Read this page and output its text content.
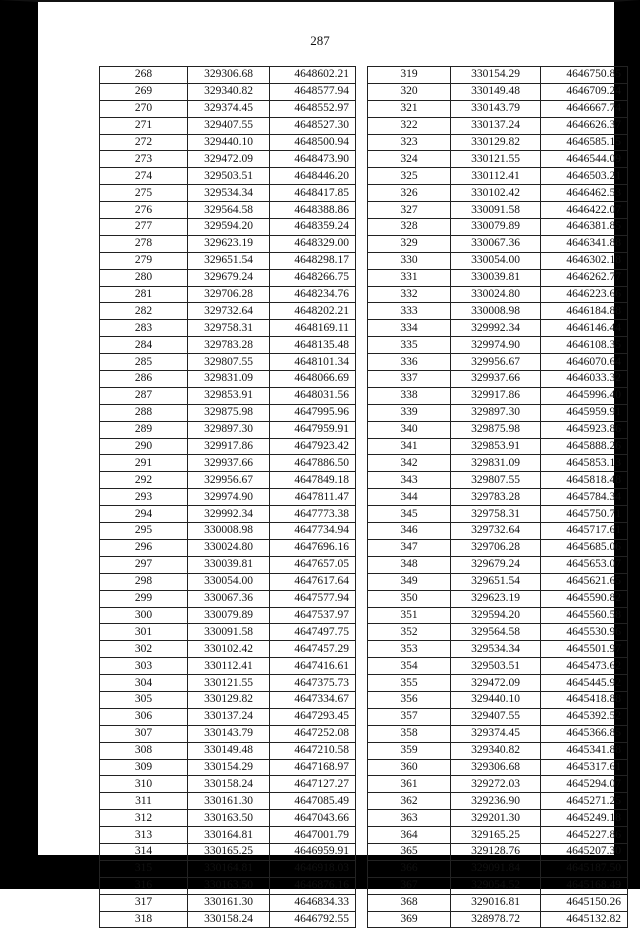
287
268	329306.68	4648602.21		319	330154.29	4646750.85
269	329340.82	4648577.94		320	330149.48	4646709.24
270	329374.45	4648552.97		321	330143.79	4646667.74
271	329407.55	4648527.30		322	330137.24	4646626.37
272	329440.10	4648500.94		323	330129.82	4646585.15
273	329472.09	4648473.90		324	330121.55	4646544.09
274	329503.51	4648446.20		325	330112.41	4646503.21
275	329534.34	4648417.85		326	330102.42	4646462.53
276	329564.58	4648388.86		327	330091.58	4646422.07
277	329594.20	4648359.24		328	330079.89	4646381.85
278	329623.19	4648329.00		329	330067.36	4646341.88
279	329651.54	4648298.17		330	330054.00	4646302.18
280	329679.24	4648266.75		331	330039.81	4646262.77
281	329706.28	4648234.76		332	330024.80	4646223.66
282	329732.64	4648202.21		333	330008.98	4646184.88
283	329758.31	4648169.11		334	329992.34	4646146.44
284	329783.28	4648135.48		335	329974.90	4646108.35
285	329807.55	4648101.34		336	329956.67	4646070.64
286	329831.09	4648066.69		337	329937.66	4646033.32
287	329853.91	4648031.56		338	329917.86	4645996.40
288	329875.98	4647995.96		339	329897.30	4645959.91
289	329897.30	4647959.91		340	329875.98	4645923.86
290	329917.86	4647923.42		341	329853.91	4645888.26
291	329937.66	4647886.50		342	329831.09	4645853.13
292	329956.67	4647849.18		343	329807.55	4645818.48
293	329974.90	4647811.47		344	329783.28	4645784.34
294	329992.34	4647773.38		345	329758.31	4645750.71
295	330008.98	4647734.94		346	329732.64	4645717.61
296	330024.80	4647696.16		347	329706.28	4645685.06
297	330039.81	4647657.05		348	329679.24	4645653.07
298	330054.00	4647617.64		349	329651.54	4645621.65
299	330067.36	4647577.94		350	329623.19	4645590.82
300	330079.89	4647537.97		351	329594.20	4645560.58
301	330091.58	4647497.75		352	329564.58	4645530.96
302	330102.42	4647457.29		353	329534.34	4645501.97
303	330112.41	4647416.61		354	329503.51	4645473.62
304	330121.55	4647375.73		355	329472.09	4645445.92
305	330129.82	4647334.67		356	329440.10	4645418.88
306	330137.24	4647293.45		357	329407.55	4645392.52
307	330143.79	4647252.08		358	329374.45	4645366.85
308	330149.48	4647210.58		359	329340.82	4645341.88
309	330154.29	4647168.97		360	329306.68	4645317.61
310	330158.24	4647127.27		361	329272.03	4645294.07
311	330161.30	4647085.49		362	329236.90	4645271.25
312	330163.50	4647043.66		363	329201.30	4645249.18
313	330164.81	4647001.79		364	329165.25	4645227.86
314	330165.25	4646959.91		365	329128.76	4645207.30
315	330164.81	4646918.03		366	329091.84	4645187.50
316	330163.50	4646876.16		367	329054.52	4645168.49
317	330161.30	4646834.33		368	329016.81	4645150.26
318	330158.24	4646792.55		369	328978.72	4645132.82
